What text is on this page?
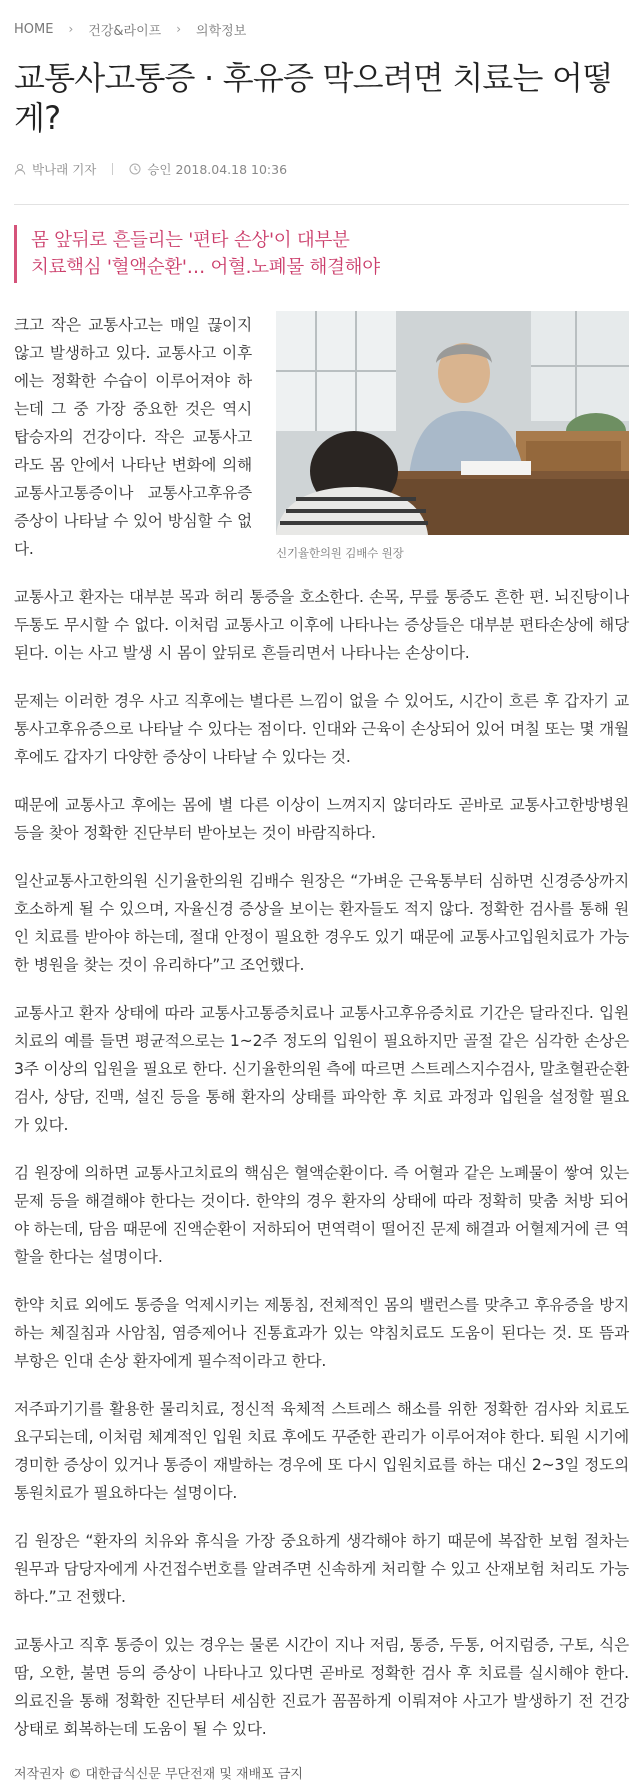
HOME › 건강&라이프 › 의학정보
교통사고통증 · 후유증 막으려면 치료는 어떻게?
박나래 기자	승인 2018.04.18 10:36
몸 앞뒤로 흔들리는 '편타 손상'이 대부분
치료핵심 '혈액순환'… 어혈.노폐물 해결해야
신기율한의원 김배수 원장

크고 작은 교통사고는 매일 끊이지 않고 발생하고 있다. 교통사고 이후에는 정확한 수습이 이루어져야 하는데 그 중 가장 중요한 것은 역시 탑승자의 건강이다. 작은 교통사고라도 몸 안에서 나타난 변화에 의해 교통사고통증이나 교통사고후유증 증상이 나타날 수 있어 방심할 수 없다.

교통사고 환자는 대부분 목과 허리 통증을 호소한다. 손목, 무릎 통증도 흔한 편. 뇌진탕이나 두통도 무시할 수 없다. 이처럼 교통사고 이후에 나타나는 증상들은 대부분 편타손상에 해당된다. 이는 사고 발생 시 몸이 앞뒤로 흔들리면서 나타나는 손상이다.

문제는 이러한 경우 사고 직후에는 별다른 느낌이 없을 수 있어도, 시간이 흐른 후 갑자기 교통사고후유증으로 나타날 수 있다는 점이다. 인대와 근육이 손상되어 있어 며칠 또는 몇 개월 후에도 갑자기 다양한 증상이 나타날 수 있다는 것.

때문에 교통사고 후에는 몸에 별 다른 이상이 느껴지지 않더라도 곧바로 교통사고한방병원 등을 찾아 정확한 진단부터 받아보는 것이 바람직하다.

일산교통사고한의원 신기율한의원 김배수 원장은 “가벼운 근육통부터 심하면 신경증상까지 호소하게 될 수 있으며, 자율신경 증상을 보이는 환자들도 적지 않다. 정확한 검사를 통해 원인 치료를 받아야 하는데, 절대 안정이 필요한 경우도 있기 때문에 교통사고입원치료가 가능한 병원을 찾는 것이 유리하다”고 조언했다.

교통사고 환자 상태에 따라 교통사고통증치료나 교통사고후유증치료 기간은 달라진다. 입원치료의 예를 들면 평균적으로는 1~2주 정도의 입원이 필요하지만 골절 같은 심각한 손상은 3주 이상의 입원을 필요로 한다. 신기율한의원 측에 따르면 스트레스지수검사, 말초혈관순환검사, 상담, 진맥, 설진 등을 통해 환자의 상태를 파악한 후 치료 과정과 입원을 설정할 필요가 있다.

김 원장에 의하면 교통사고치료의 핵심은 혈액순환이다. 즉 어혈과 같은 노폐물이 쌓여 있는 문제 등을 해결해야 한다는 것이다. 한약의 경우 환자의 상태에 따라 정확히 맞춤 처방 되어야 하는데, 담음 때문에 진액순환이 저하되어 면역력이 떨어진 문제 해결과 어혈제거에 큰 역할을 한다는 설명이다.

한약 치료 외에도 통증을 억제시키는 제통침, 전체적인 몸의 밸런스를 맞추고 후유증을 방지하는 체질침과 사암침, 염증제어나 진통효과가 있는 약침치료도 도움이 된다는 것. 또 뜸과 부항은 인대 손상 환자에게 필수적이라고 한다.

저주파기기를 활용한 물리치료, 정신적 육체적 스트레스 해소를 위한 정확한 검사와 치료도 요구되는데, 이처럼 체계적인 입원 치료 후에도 꾸준한 관리가 이루어져야 한다. 퇴원 시기에 경미한 증상이 있거나 통증이 재발하는 경우에 또 다시 입원치료를 하는 대신 2~3일 정도의 통원치료가 필요하다는 설명이다.

김 원장은 “환자의 치유와 휴식을 가장 중요하게 생각해야 하기 때문에 복잡한 보험 절차는 원무과 담당자에게 사건접수번호를 알려주면 신속하게 처리할 수 있고 산재보험 처리도 가능하다.”고 전했다.

교통사고 직후 통증이 있는 경우는 물론 시간이 지나 저림, 통증, 두통, 어지럼증, 구토, 식은땀, 오한, 불면 등의 증상이 나타나고 있다면 곧바로 정확한 검사 후 치료를 실시해야 한다. 의료진을 통해 정확한 진단부터 세심한 진료가 꼼꼼하게 이뤄져야 사고가 발생하기 전 건강상태로 회복하는데 도움이 될 수 있다.

저작권자 © 대한급식신문 무단전재 및 재배포 금지
